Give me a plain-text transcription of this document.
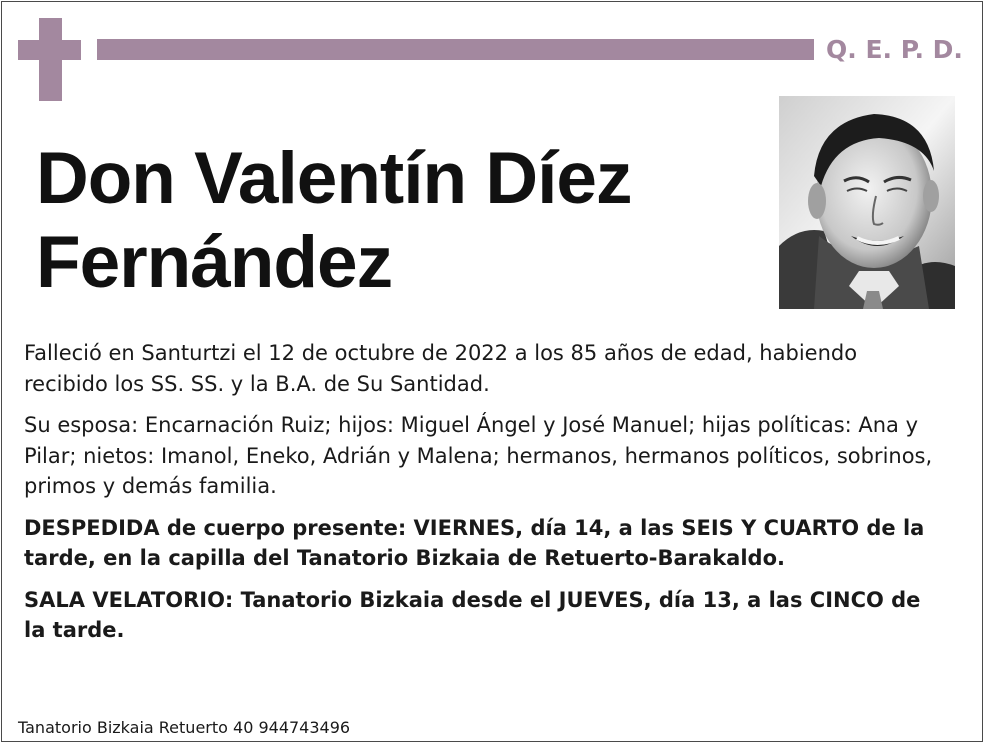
Q. E. P. D.
Don Valentín Díez Fernández

Falleció en Santurtzi el 12 de octubre de 2022 a los 85 años de edad, habiendo recibido los SS. SS. y la B.A. de Su Santidad.

Su esposa: Encarnación Ruiz; hijos: Miguel Ángel y José Manuel; hijas políticas: Ana y Pilar; nietos: Imanol, Eneko, Adrián y Malena; hermanos, hermanos políticos, sobrinos, primos y demás familia.

DESPEDIDA de cuerpo presente: VIERNES, día 14, a las SEIS Y CUARTO de la tarde, en la capilla del Tanatorio Bizkaia de Retuerto-Barakaldo.

SALA VELATORIO: Tanatorio Bizkaia desde el JUEVES, día 13, a las CINCO de la tarde.

Tanatorio Bizkaia Retuerto 40 944743496
